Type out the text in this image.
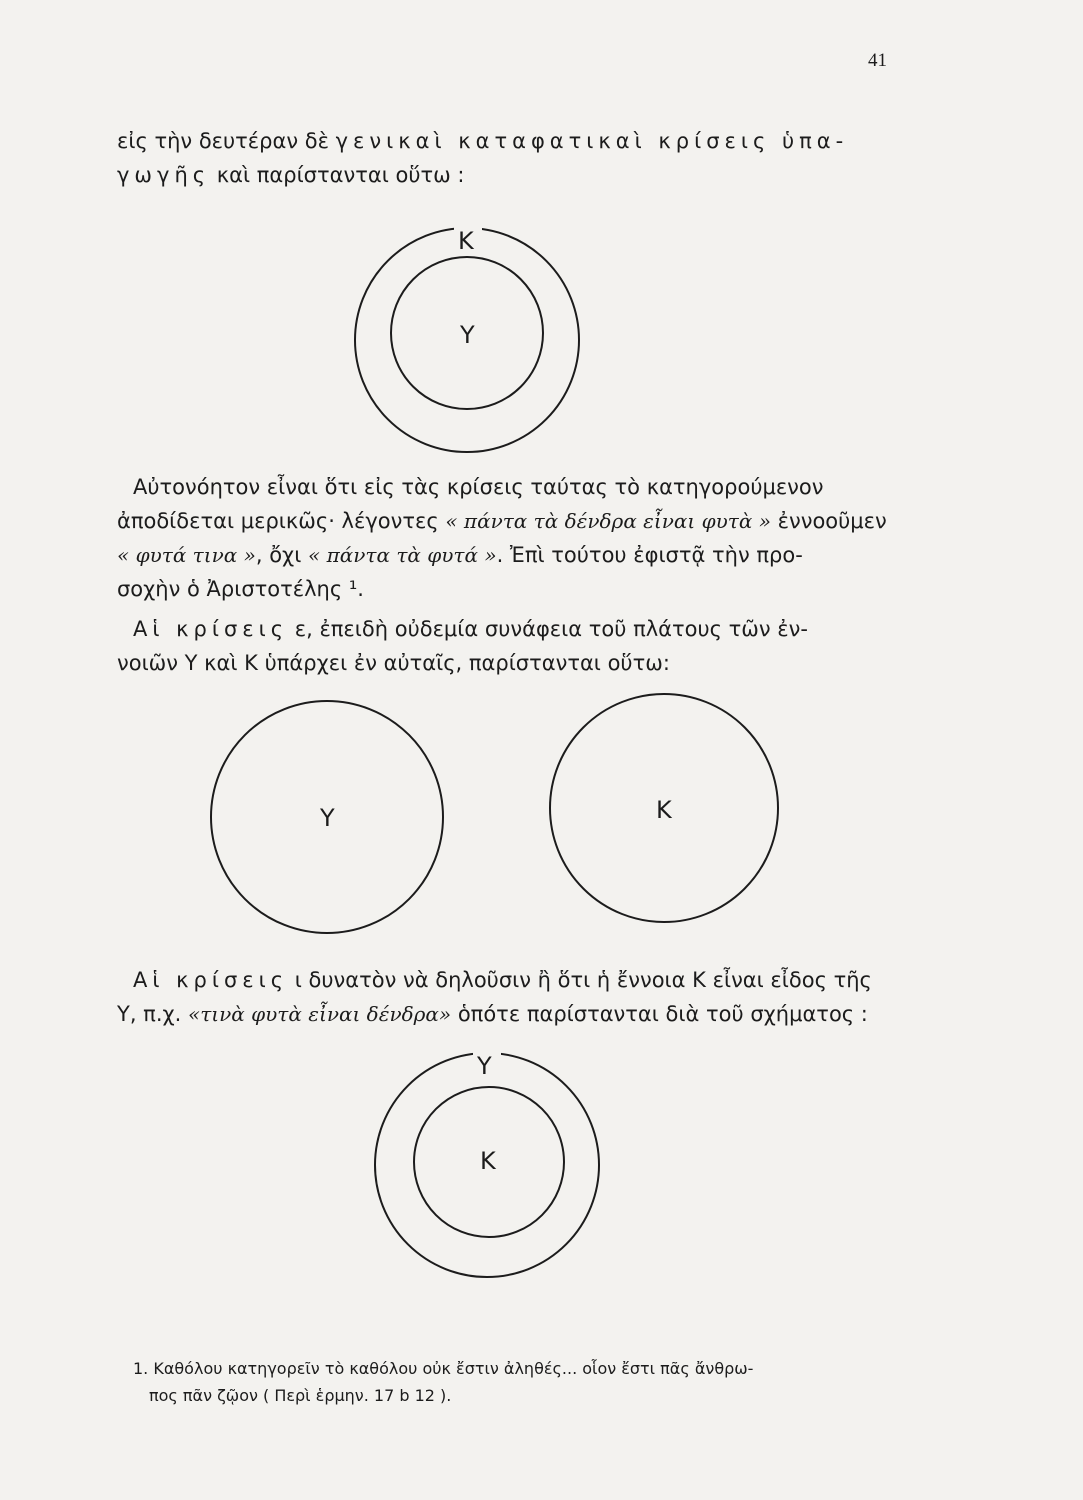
41
εἰς τὴν δευτέραν δὲ γενικαὶ καταφατικαὶ κρίσεις ὑπα-
γωγῆς καὶ παρίστανται οὕτω :
K
Y
Αὐτονόητον εἶναι ὅτι εἰς τὰς κρίσεις ταύτας τὸ κατηγορούμενον
ἀποδίδεται μερικῶς· λέγοντες « πάντα τὰ δένδρα εἶναι φυτὰ » ἐννοοῦμεν
« φυτά τινα », ὄχι « πάντα τὰ φυτά ». Ἐπὶ τούτου ἐφιστᾷ τὴν προ-
σοχὴν ὁ Ἀριστοτέλης ¹.
Αἱ κρίσεις ε, ἐπειδὴ οὐδεμία συνάφεια τοῦ πλάτους τῶν ἐν-
νοιῶν Y καὶ K ὑπάρχει ἐν αὐταῖς, παρίστανται οὕτω:
Y	K
Αἱ κρίσεις ι δυνατὸν νὰ δηλοῦσιν ἢ ὅτι ἡ ἔννοια K εἶναι εἶδος τῆς
Y, π.χ. «τινὰ φυτὰ εἶναι δένδρα» ὁπότε παρίστανται διὰ τοῦ σχήματος :
Y
K
1. Καθόλου κατηγορεῖν τὸ καθόλου οὐκ ἔστιν ἀληθές... οἷον ἔστι πᾶς ἄνθρω-
πος πᾶν ζῷον ( Περὶ ἑρμην. 17 b 12 ).
